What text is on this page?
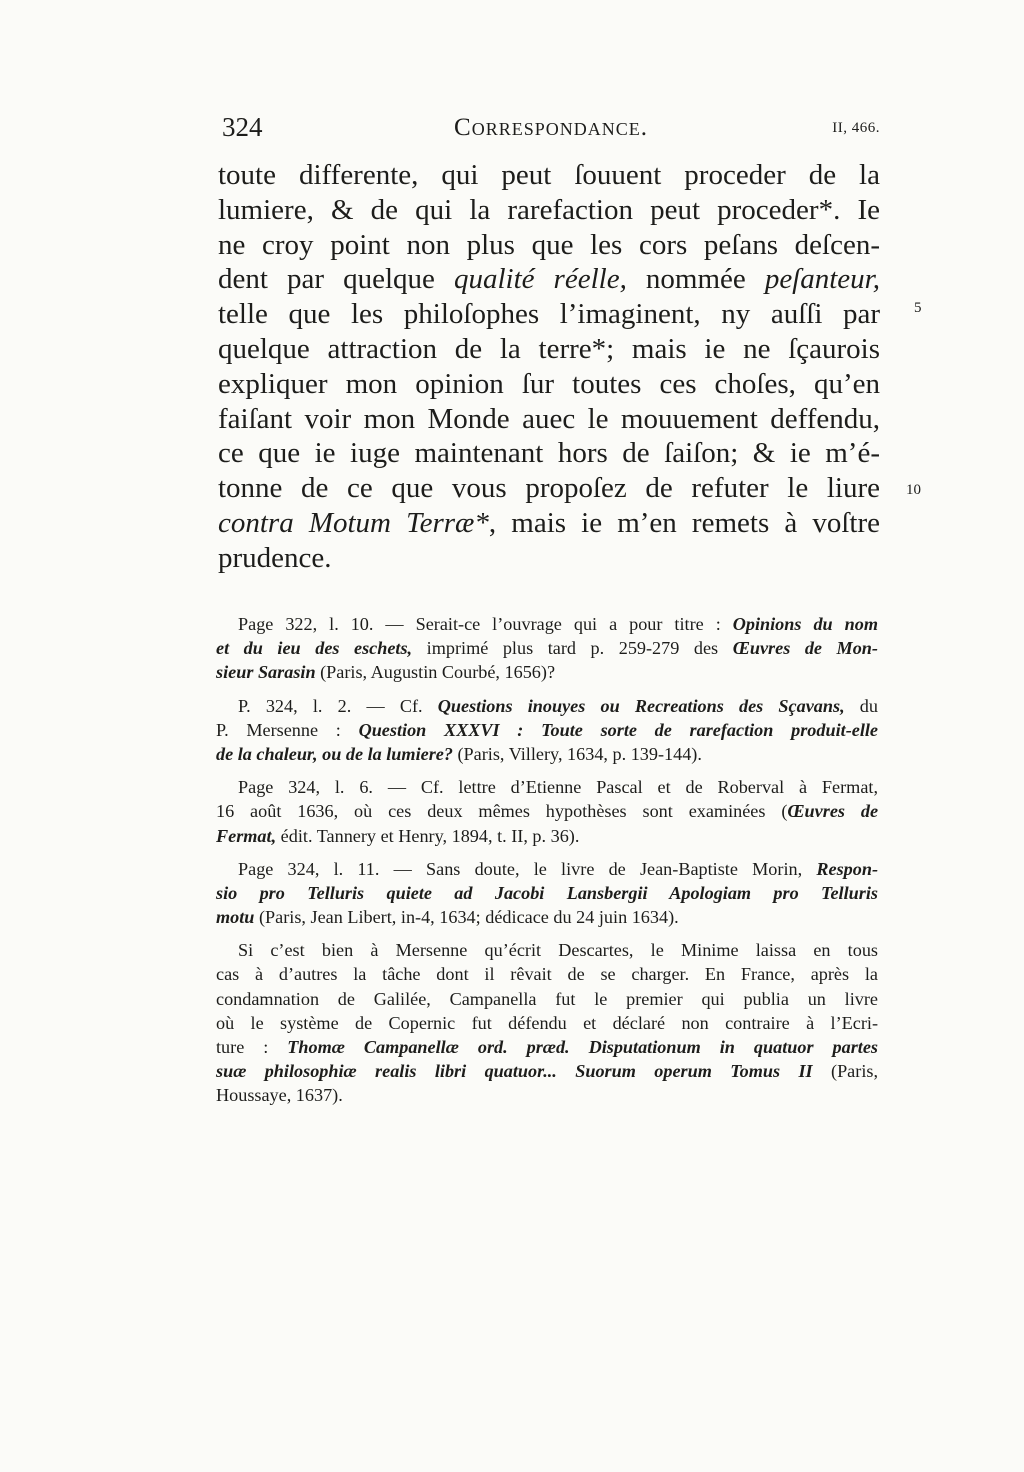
324	Correspondance.	II, 466.
toute differente, qui peut ſouuent proceder de la
lumiere, & de qui la rarefaction peut proceder*. Ie
ne croy point non plus que les cors peſans deſcen-
dent par quelque qualité réelle, nommée peſanteur,
telle que les philoſophes l’imaginent, ny auſſi par
quelque attraction de la terre*; mais ie ne ſçaurois
expliquer mon opinion ſur toutes ces choſes, qu’en
faiſant voir mon Monde auec le mouuement deffendu,
ce que ie iuge maintenant hors de ſaiſon; & ie m’é-
tonne de ce que vous propoſez de refuter le liure
contra Motum Terræ*, mais ie m’en remets à voſtre
prudence.
5
10
Page 322, l. 10. — Serait-ce l’ouvrage qui a pour titre : Opinions du nom
et du ieu des eschets, imprimé plus tard p. 259-279 des Œuvres de Mon-
sieur Sarasin (Paris, Augustin Courbé, 1656)?
P. 324, l. 2. — Cf. Questions inouyes ou Recreations des Sçavans, du
P. Mersenne : Question XXXVI : Toute sorte de rarefaction produit-elle
de la chaleur, ou de la lumiere? (Paris, Villery, 1634, p. 139-144).
Page 324, l. 6. — Cf. lettre d’Etienne Pascal et de Roberval à Fermat,
16 août 1636, où ces deux mêmes hypothèses sont examinées (Œuvres de
Fermat, édit. Tannery et Henry, 1894, t. II, p. 36).
Page 324, l. 11. — Sans doute, le livre de Jean-Baptiste Morin, Respon-
sio pro Telluris quiete ad Jacobi Lansbergii Apologiam pro Telluris
motu (Paris, Jean Libert, in-4, 1634; dédicace du 24 juin 1634).
Si c’est bien à Mersenne qu’écrit Descartes, le Minime laissa en tous
cas à d’autres la tâche dont il rêvait de se charger. En France, après la
condamnation de Galilée, Campanella fut le premier qui publia un livre
où le système de Copernic fut défendu et déclaré non contraire à l’Ecri-
ture : Thomæ Campanellæ ord. præd. Disputationum in quatuor partes
suæ philosophiæ realis libri quatuor... Suorum operum Tomus II (Paris,
Houssaye, 1637).
